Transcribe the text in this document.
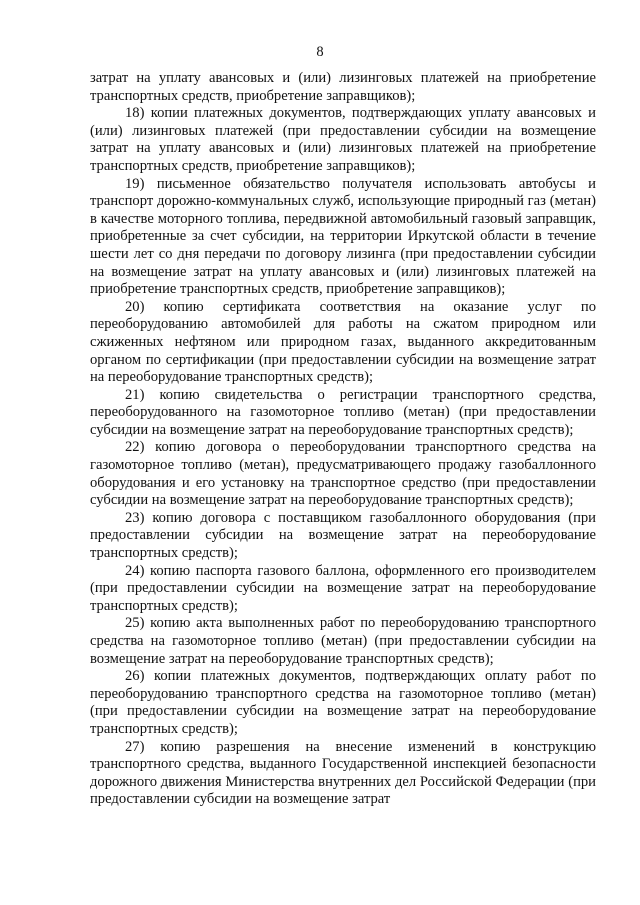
8

затрат на уплату авансовых и (или) лизинговых платежей на приобретение транспортных средств, приобретение заправщиков);

18) копии платежных документов, подтверждающих уплату авансовых и (или) лизинговых платежей (при предоставлении субсидии на возмещение затрат на уплату авансовых и (или) лизинговых платежей на приобретение транспортных средств, приобретение заправщиков);

19) письменное обязательство получателя использовать автобусы и транспорт дорожно-коммунальных служб, использующие природный газ (метан) в качестве моторного топлива, передвижной автомобильный газовый заправщик, приобретенные за счет субсидии, на территории Иркутской области в течение шести лет со дня передачи по договору лизинга (при предоставлении субсидии на возмещение затрат на уплату авансовых и (или) лизинговых платежей на приобретение транспортных средств, приобретение заправщиков);

20) копию сертификата соответствия на оказание услуг по переоборудованию автомобилей для работы на сжатом природном или сжиженных нефтяном или природном газах, выданного аккредитованным органом по сертификации (при предоставлении субсидии на возмещение затрат на переоборудование транспортных средств);

21) копию свидетельства о регистрации транспортного средства, переоборудованного на газомоторное топливо (метан) (при предоставлении субсидии на возмещение затрат на переоборудование транспортных средств);

22) копию договора о переоборудовании транспортного средства на газомоторное топливо (метан), предусматривающего продажу газобаллонного оборудования и его установку на транспортное средство (при предоставлении субсидии на возмещение затрат на переоборудование транспортных средств);

23) копию договора с поставщиком газобаллонного оборудования (при предоставлении субсидии на возмещение затрат на переоборудование транспортных средств);

24) копию паспорта газового баллона, оформленного его производителем (при предоставлении субсидии на возмещение затрат на переоборудование транспортных средств);

25) копию акта выполненных работ по переоборудованию транспортного средства на газомоторное топливо (метан) (при предоставлении субсидии на возмещение затрат на переоборудование транспортных средств);

26) копии платежных документов, подтверждающих оплату работ по переоборудованию транспортного средства на газомоторное топливо (метан) (при предоставлении субсидии на возмещение затрат на переоборудование транспортных средств);

27) копию разрешения на внесение изменений в конструкцию транспортного средства, выданного Государственной инспекцией безопасности дорожного движения Министерства внутренних дел Российской Федерации (при предоставлении субсидии на возмещение затрат
